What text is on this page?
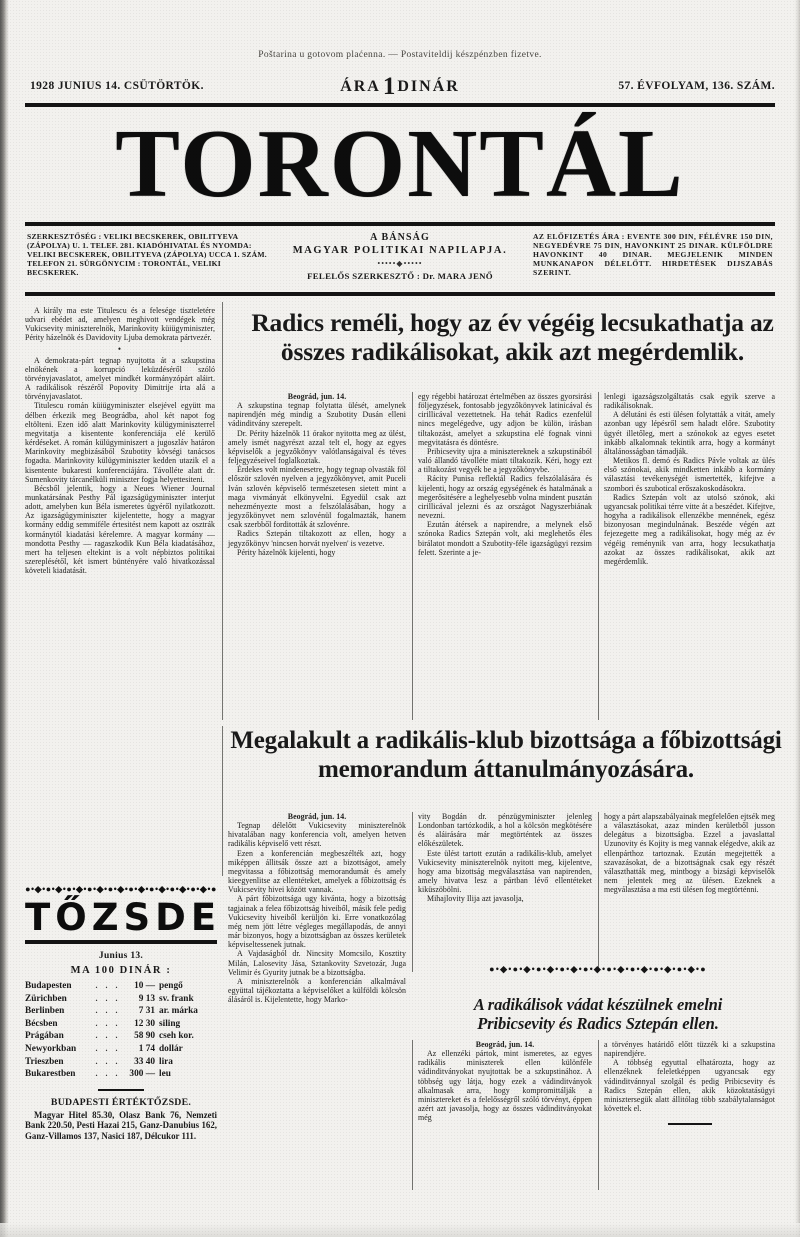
Poštarina u gotovom plaćenna. — Postaviteldij készpénzben fizetve.
1928 JUNIUS 14. CSÜTÖRTÖK.	ÁRA1 DINÁR	57. ÉVFOLYAM, 136. SZÁM.
TORONTÁL
SZERKESZTŐSÉG : VELIKI BECSKEREK, OBILITYEVA (ZÁPOLYA) U. 1. TELEF. 281. KIADÓHIVATAL ÉS NYOMDA: VELIKI BECSKEREK, OBILITYEVA (ZÁPOLYA) UCCA 1. SZÁM. TELEFON 21. SÜRGÖNYCIM : TORONTÁL, VELIKI BECSKEREK.
A BÁNSÁG
MAGYAR POLITIKAI NAPILAPJA.
•••••◆•••••
FELELŐS SZERKESZTŐ : Dr. MARA JENŐ
AZ ELŐFIZETÉS ÁRA : EVENTE 300 DIN, FÉLÉVRE 150 DIN, NEGYEDÉVRE 75 DIN, HAVONKINT 25 DINAR. KÜLFÖLDRE HAVONKINT 40 DINAR. MEGJELENIK MINDEN MUNKANAPON DÉLELŐTT. HIRDETÉSEK DIJSZABÁS SZERINT.
Radics reméli, hogy az év végéig lecsukathatja az összes radikálisokat, akik azt megérdemlik.

A király ma este Titulescu és a felesége tiszteletére udvari ebédet ad, amelyen meghivott vendégek még Vukicsevity miniszterelnök, Marinkovity küiügyminiszter, Périty házelnök és Davidovity Ljuba demokrata pártvezér.

•

A demokrata-párt tegnap nyujtotta át a szkupstina elnökének a korrupció leküzdéséről szóló törvényjavaslatot, amelyet mindkét kormányzópárt aláirt. A radikálisok részéről Popovity Dimitrije irta alá a törvényjavaslatot.

Titulescu román küiügyminiszter elsejével együtt ma délben érkezik meg Beográdba, ahol két napot fog eltölteni. Ezen idő alatt Marinkovity külügyminiszterrel megvitatja a kisentente konferenciája elé kerülő kérdéseket. A román külügyminiszert a jugoszláv határon Marinkovity megbizásából Szubotity kövségi tanácsos fogadta. Marinkovity külügyminiszter kedden utazik el a kisentente bukaresti konferenciájára. Távolléte alatt dr. Sumenkovity tárcanélküli miniszter fogja helyettesiteni.

Bécsből jelentik, hogy a Neues Wiener Journal munkatársának Pesthy Pál igazságügyminiszter interjut adott, amelyben kun Béla ismeretes ügyéről nyilatkozott. Az igazságügyminiszter kijelentette, hogy a magyar kormány eddig semmiféle értesitést nem kapott az osztrák kormánytól kiadatási kérelemre. A magyar kormány — mondotta Pesthy — ragaszkodik Kun Béla kiadatásához, mert ha teljesen eltekint is a volt népbiztos politikai szereplésétől, két ismert büntényére való hivatkozással követeli kiadatását.

Beográd, jun. 14.

A szkupstina tegnap folytatta ülését, amelynek napirendjén még mindig a Szubotity Dusán elleni vádinditvány szerepelt.

Dr. Périty házelnök 11 órakor nyitotta meg az ülést, amely ismét nagyrészt azzal telt el, hogy az egyes képviselők a jegyzőkönyv valótlanságaival és téves feljegyzéseivel foglalkoztak.

Érdekes volt mindenesetre, hogy tegnap olvasták föl először szlovén nyelven a jegyzőkönyvet, amit Puceli Iván szlovén képviselő természetesen sietett mint a maga vivmányát elkönyvelni. Egyedül csak azt nehezményezte most a felszólalásában, hogy a jegyzőkönyvet nem szlovénül fogalmazták, hanem csak szerbből forditották át szlovénre.

Radics Sztepán tiltakozott az ellen, hogy a jegyzőkönyv 'nincsen horvát nyelven' is vezetve.

Périty házelnök kijelenti, hogy

egy régebbi határozat értelmében az összes gyorsirási följegyzések, fontosabb jegyzőkönyvek latinicával és cirillicával vezettetnek. Ha tehát Radics ezenfelül nincs megelégedve, ugy adjon be külön, irásban tiltakozást, amelyet a szkupstina elé fognak vinni megvitatásra és döntésre.

Pribicsevity ujra a minisztereknek a szkupstinából való állandó távolléte miatt tiltakozik. Kéri, hogy ezt a tiltakozást vegyék be a jegyzőkönyvbe.

Rácity Punisa reflektál Radics felszólalására és kijelenti, hogy az ország egységének és hatalmának a megerősitésére a leghelyesebb volna mindent pusztán cirillicával jelezni és az országot Nagyszerbiának nevezni.

Ezután átérsek a napirendre, a melynek első szónoka Radics Sztepán volt, aki meglehetős éles birálatot mondott a Szubotity-féle igazságügyi rezsim felett. Szerinte a je-

lenlegi igazságszolgáltatás csak egyik szerve a radikálisoknak.

A délutáni és esti ülésen folytatták a vitát, amely azonban ugy lépésről sem haladt előre. Szubotity ügyét illetőleg, mert a szónokok az egyes esetet inkább alkalomnak tekintik arra, hogy a kormányt általánosságban támadják.

Metikos fl. demó és Radics Pávle voltak az ülés első szónokai, akik mindketten inkább a kormány választási tevékenységét ismertették, kifejtve a szombori és szubotical erőszakoskodásokra.

Radics Sztepán volt az utolsó szónok, aki ugyancsak politikai térre vitte át a beszédet. Kifejtve, hogyha a radikálisok ellenzékbe mennének, egész bizonyosan megindulnának. Beszéde végén azt fejezegette meg a radikálisokat, hogy még az év végéig reménynik van arra, hogy lecsukathatja azokat az összes radikálisokat, akik azt megérdemlik.

Megalakult a radikális-klub bizottsága a főbizottsági memorandum áttanulmányozására.

Beográd, jun. 14.

Tegnap délelőtt Vukicsevity miniszterelnök hivatalában nagy konferencia volt, amelyen hetven radikális képviselő vett részt.

Ezen a konferencián megbeszélték azt, hogy miképpen állitsák össze azt a bizottságot, amely megvitassa a főbizottság memorandumát és amely kieegyenlitse az ellentéteket, amelyek a főbizottság és Vukicsevity hivei között vannak.

A párt főbizottsága ugy kivánta, hogy a bizottság tagjainak a felea főbizottság hiveiből, másik fele pedig Vukicsevity hiveiből kerüljön ki. Erre vonatkozólag még nem jött létre végleges megállapodás, de annyi már bizonyos, hogy a bizottságban az összes kerületek képviseltessenek jutnak.

A Vajdaságból dr. Nincsity Momcsilo, Kosztity Milán, Lalosevity Jása, Sztankovity Szvetozár, Juga Velimir és Gyurity jutnak be a bizottságba.

A miniszterelnök a konferencián alkalmával együttal tájékoztatta a képviselőket a külföldi kölcsön álásáról is. Kijelentette, hogy Marko-

vity Bogdán dr. pénzügyminiszter jelenleg Londonban tartózkodik, a hol a kölcsön megkötésére és aláirására már megtörténtek az összes előkészületek.

Este ülést tartott ezután a radikális-klub, amelyet Vukicsevity miniszterelnök nyitott meg, kijelentve, hogy ama bizottság megválasztása van napirenden, amely hivatva lesz a pártban lévő ellentéteket kiküszöbölni.

Mihajlovity Ilija azt javasolja,

hogy a párt alapszabályainak megfelelően ejtsék meg a választásokat, azaz minden kerületből jusson delegátus a bizottságba. Ezzel a javaslattal Uzunovity és Kojity is meg vannak elégedve, akik az ellenpárthoz tartoznak. Ezután megejtették a szavazásokat, de a bizottságnak csak egy részét választhatták meg, mintbogy a bizsági képviselők nem jelentek meg az ülésen. Ezeknek a megválasztása a ma esti ülésen fog megtörténni.

●•◆•●•◆•●•◆•●•◆•●•◆•●•◆•●•◆•●•◆•●•◆•●
TŐZSDE
Junius 13.
MA 100 DINÁR :
Budapesten	. . .	10 — pengő
Zürichben	. . .	9 13 sv. frank
Berlinben	. . .	7 31 ar. márka
Bécsben	. . .	12 30 siling
Prágában	. . .	58 90 cseh kor.
Newyorkban	. . .	1 74 dollár
Trieszben	. . .	33 40 lira
Bukarestben	. . . 300 — leu
BUDAPESTI ÉRTÉKTŐZSDE.
Magyar Hitel 85.30, Olasz Bank 76, Nemzeti Bank 220.50, Pesti Hazai 215, Ganz-Danubius 162, Ganz-Villamos 137, Nasici 187, Délcukor 111.
●•◆•●•◆•●•◆•●•◆•●•◆•●•◆•●•◆•●•◆•●•◆•●
A radikálisok vádat készülnek emelni
Pribicsevity és Radics Sztepán ellen.

Beográd, jun. 14.

Az ellenzéki pártok, mint ismeretes, az egyes radikális miniszterek ellen különféle vádinditványokat nyujtottak be a szkupstinához. A többség ugy látja, hogy ezek a vádinditványok alkalmasak arra, hogy kompromittálják a minisztereket és a felelősségről szóló törvényt, éppen azért azt javasolja, hogy az összes vádinditványokat még

a törvényes határidő előtt tüzzék ki a szkupstina napirendjére.

A többség egyuttal elhatározta, hogy az ellenzéknek feleletképpen ugyancsak egy vádinditvánnyal szolgál és pedig Pribicsevity és Radics Sztepán ellen, akik közoktatásügyi minisztersegük alatt állitólag több szabálytalanságot követtek el.
